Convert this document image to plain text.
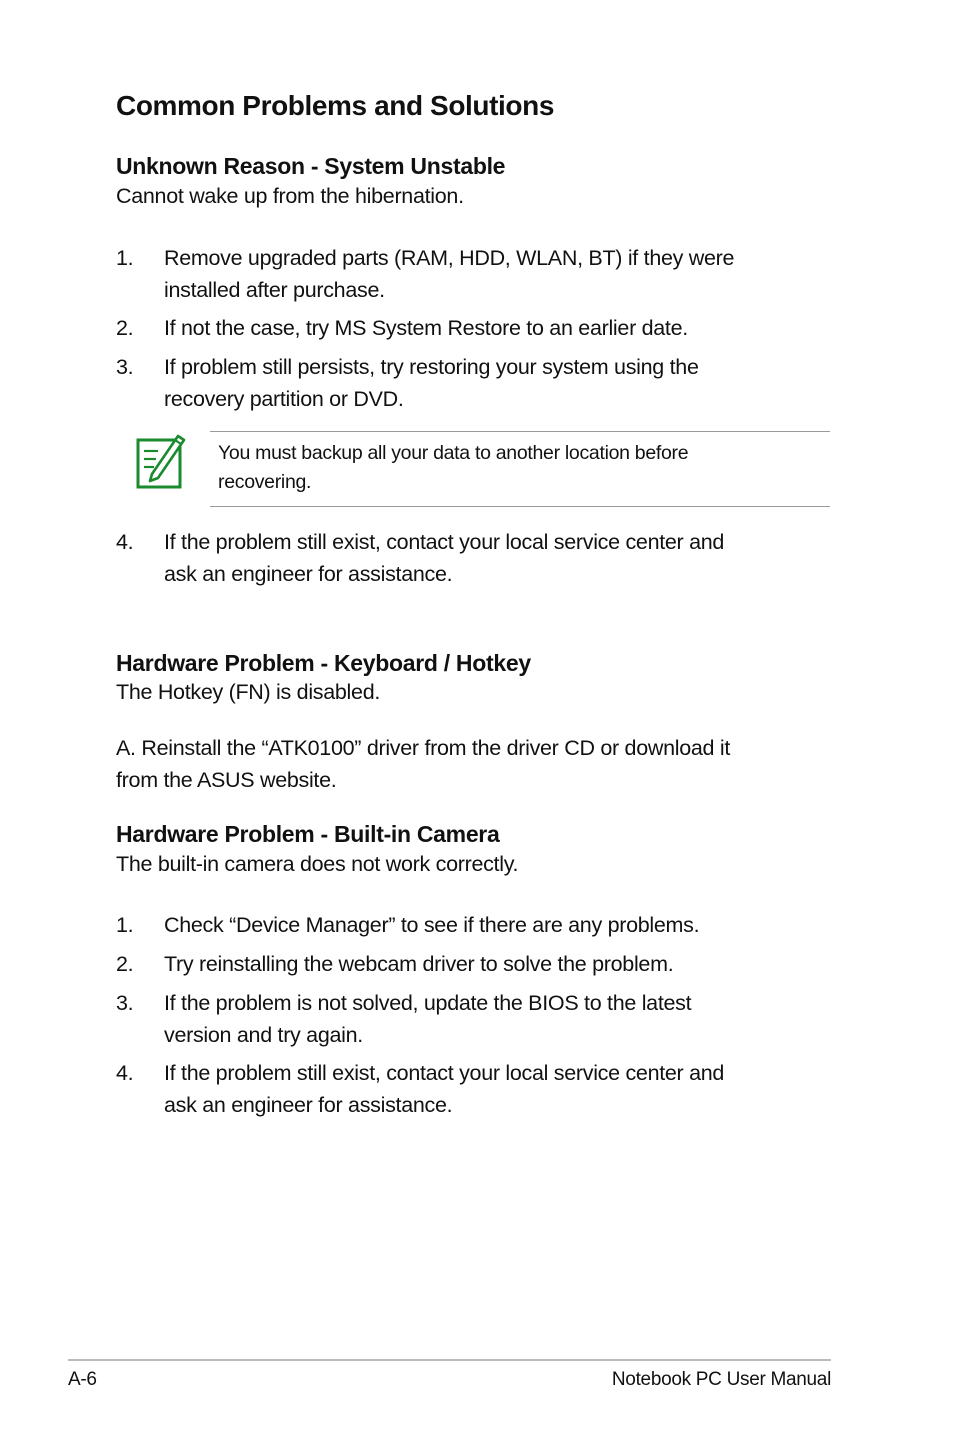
Common Problems and Solutions
Unknown Reason - System Unstable
Cannot wake up from the hibernation.
1.	Remove upgraded parts (RAM, HDD, WLAN, BT) if they were
installed after purchase.
2.	If not the case, try MS System Restore to an earlier date.
3.	If problem still persists, try restoring your system using the
recovery partition or DVD.
You must backup all your data to another location before
recovering.
4.	If the problem still exist, contact your local service center and
ask an engineer for assistance.
Hardware Problem - Keyboard / Hotkey
The Hotkey (FN) is disabled.
A. Reinstall the “ATK0100” driver from the driver CD or download it
from the ASUS website.
Hardware Problem - Built-in Camera
The built-in camera does not work correctly.
1.	Check “Device Manager” to see if there are any problems.
2.	Try reinstalling the webcam driver to solve the problem.
3.	If the problem is not solved, update the BIOS to the latest
version and try again.
4.	If the problem still exist, contact your local service center and
ask an engineer for assistance.
A-6	Notebook PC User Manual
